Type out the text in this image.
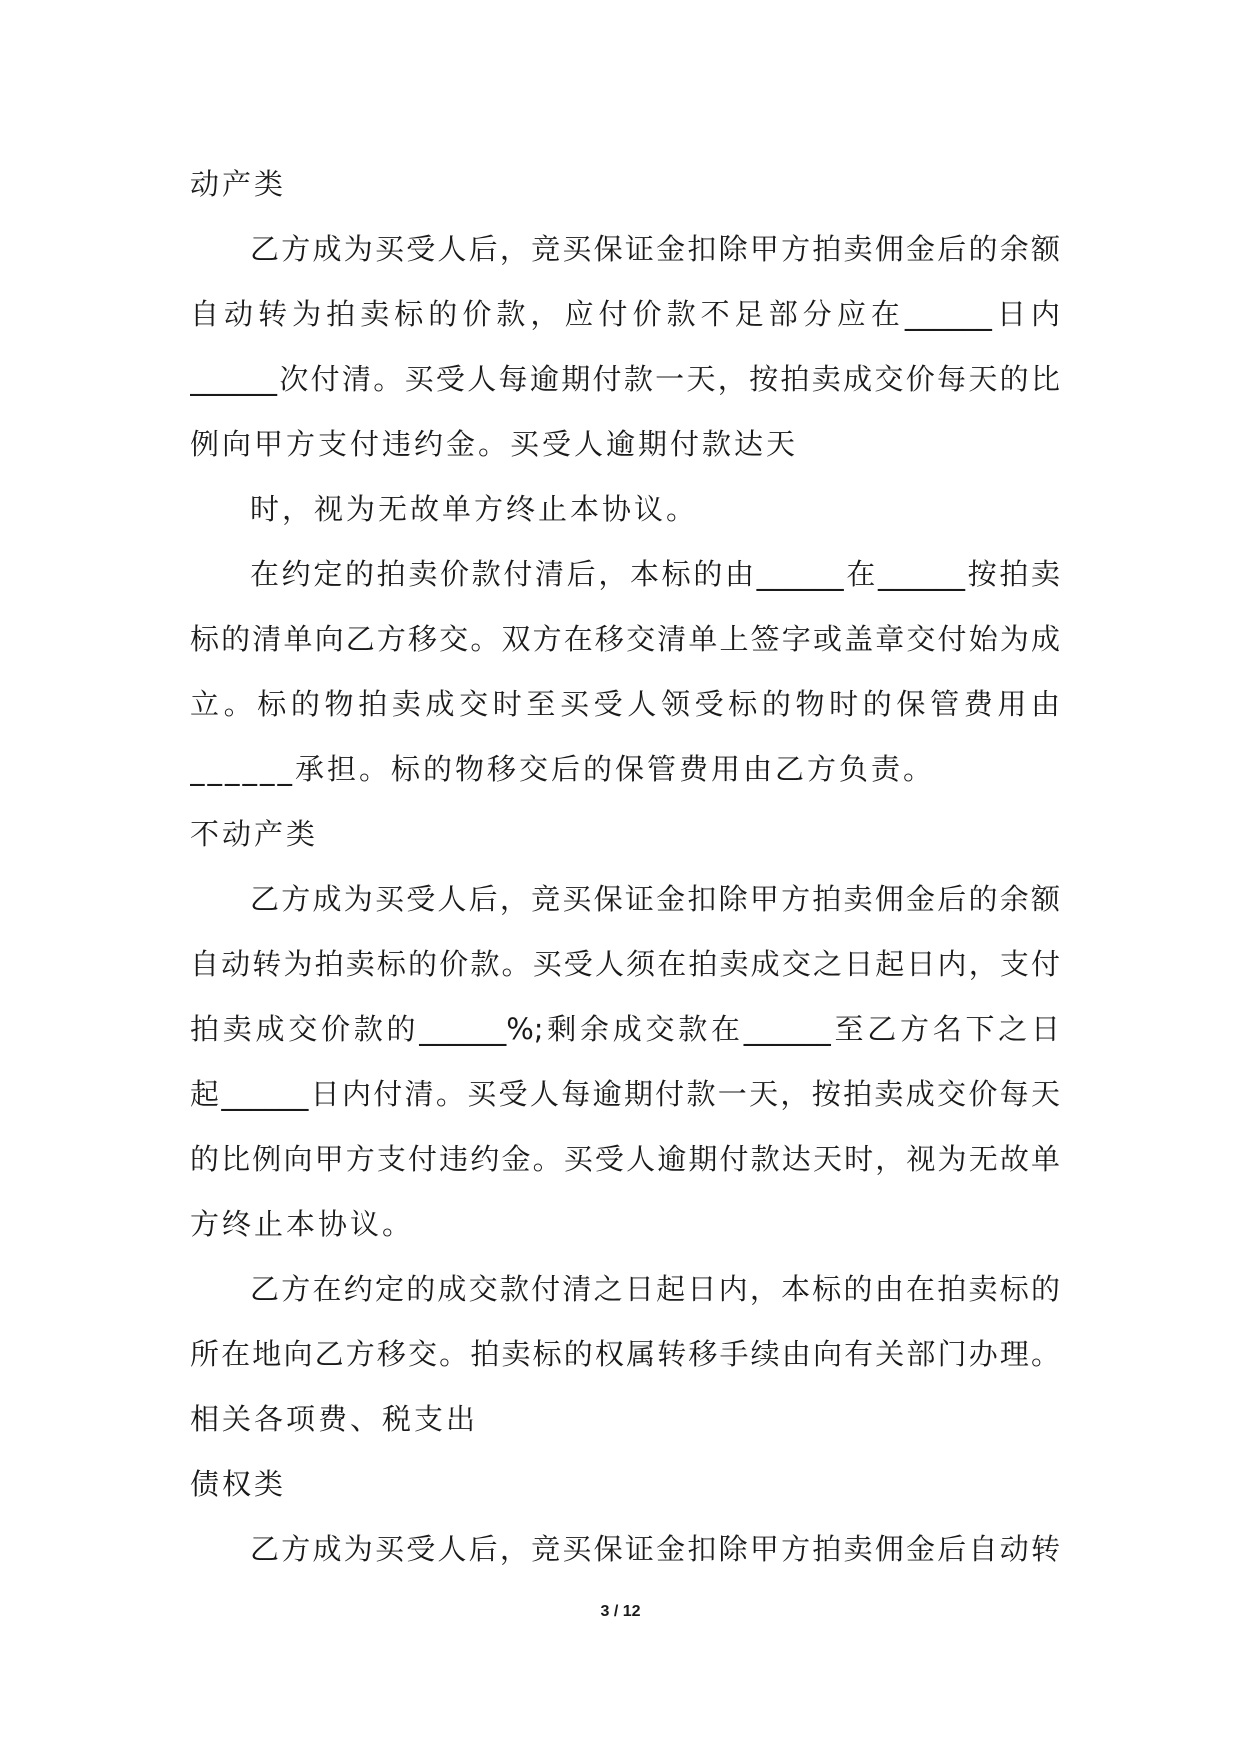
动产类
乙方成为买受人后，竞买保证金扣除甲方拍卖佣金后的余额
自动转为拍卖标的价款，应付价款不足部分应在______日内
______次付清。买受人每逾期付款一天，按拍卖成交价每天的比
例向甲方支付违约金。买受人逾期付款达天
时，视为无故单方终止本协议。
在约定的拍卖价款付清后，本标的由______在______按拍卖
标的清单向乙方移交。双方在移交清单上签字或盖章交付始为成
立。标的物拍卖成交时至买受人领受标的物时的保管费用由
______承担。标的物移交后的保管费用由乙方负责。
不动产类
乙方成为买受人后，竞买保证金扣除甲方拍卖佣金后的余额
自动转为拍卖标的价款。买受人须在拍卖成交之日起日内，支付
拍卖成交价款的______%;剩余成交款在______至乙方名下之日
起______日内付清。买受人每逾期付款一天，按拍卖成交价每天
的比例向甲方支付违约金。买受人逾期付款达天时，视为无故单
方终止本协议。
乙方在约定的成交款付清之日起日内，本标的由在拍卖标的
所在地向乙方移交。拍卖标的权属转移手续由向有关部门办理。
相关各项费、税支出
债权类
乙方成为买受人后，竞买保证金扣除甲方拍卖佣金后自动转
3 / 12
